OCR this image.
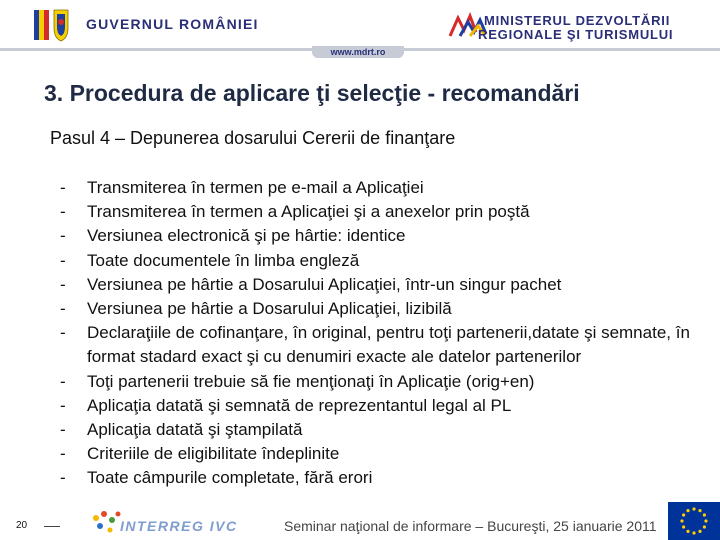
GUVERNUL ROMÂNIEI	MINISTERUL DEZVOLTĂRII
REGIONALE ŞI TURISMULUI
www.mdrt.ro
3. Procedura de aplicare ţi selecţie - recomandări
Pasul 4 – Depunerea dosarului Cererii de finanţare
- Transmiterea în termen pe e-mail a Aplicaţiei
- Transmiterea în termen a Aplicaţiei şi a anexelor prin poştă
- Versiunea electronică şi pe hârtie: identice
- Toate documentele în limba engleză
- Versiunea pe hârtie a Dosarului Aplicaţiei, într-un singur pachet
- Versiunea pe hârtie a Dosarului Aplicaţiei, lizibilă
- Declaraţiile de cofinanţare, în original, pentru toţi partenerii,datate şi semnate, în format stadard exact şi cu denumiri exacte ale datelor partenerilor
- Toţi partenerii trebuie să fie menţionaţi în Aplicaţie (orig+en)
- Aplicaţia datată şi semnată de reprezentantul legal al PL
- Aplicaţia datată şi ştampilată
- Criteriile de eligibilitate îndeplinite
- Toate câmpurile completate, fără erori
20	INTERREG IVC	Seminar naţional de informare – Bucureşti, 25 ianuarie 2011
